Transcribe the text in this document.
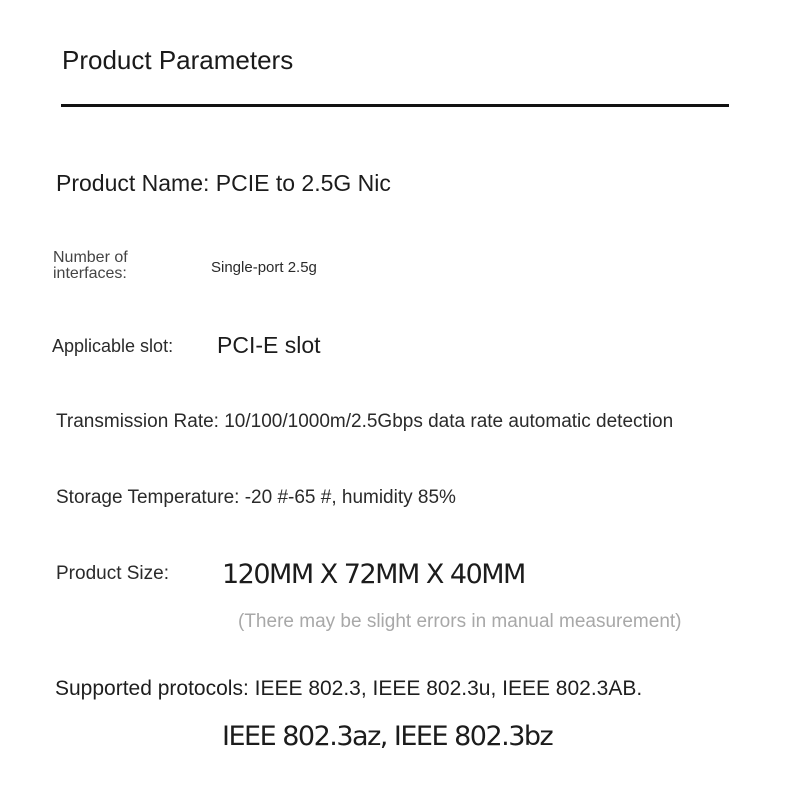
Product Parameters
Product Name: PCIE to 2.5G Nic
Number of
interfaces:	Single-port 2.5g
Applicable slot: PCI-E slot
Transmission Rate: 10/100/1000m/2.5Gbps data rate automatic detection
Storage Temperature: -20 #-65 #, humidity 85%
Product Size: 120MM X 72MM X 40MM
(There may be slight errors in manual measurement)
Supported protocols: IEEE 802.3, IEEE 802.3u, IEEE 802.3AB.
IEEE 802.3az, IEEE 802.3bz
